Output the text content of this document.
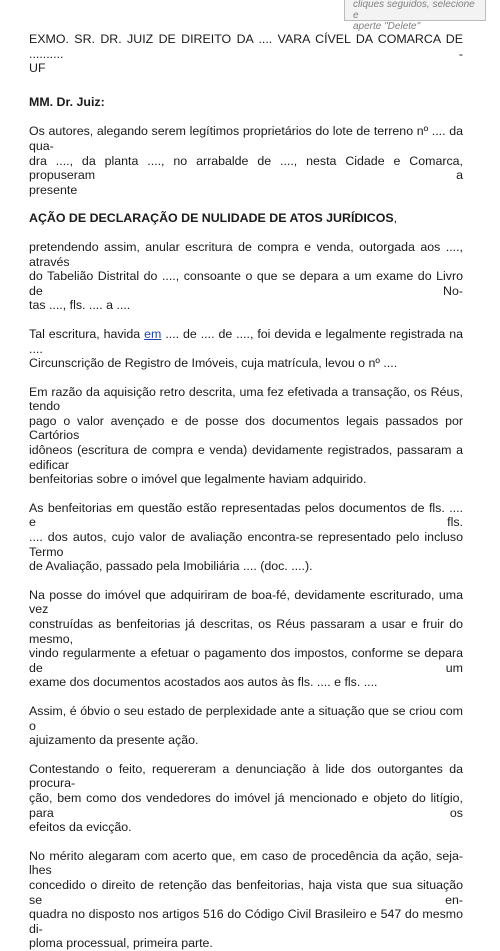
cliques seguidos, selecione e
aperte "Delete"

EXMO. SR. DR. JUIZ DE DIREITO DA .... VARA CÍVEL DA COMARCA DE .......... -
UF

MM. Dr. Juiz:

Os autores, alegando serem legítimos proprietários do lote de terreno nº .... da qua-
dra ...., da planta ...., no arrabalde de ...., nesta Cidade e Comarca, propuseram a
presente

AÇÃO DE DECLARAÇÃO DE NULIDADE DE ATOS JURÍDICOS,

pretendendo assim, anular escritura de compra e venda, outorgada aos ...., através
do Tabelião Distrital do ...., consoante o que se depara a um exame do Livro de No-
tas ...., fls. .... a ....

Tal escritura, havida em .... de .... de ...., foi devida e legalmente registrada na ....
Circunscrição de Registro de Imóveis, cuja matrícula, levou o nº ....

Em razão da aquisição retro descrita, uma fez efetivada a transação, os Réus, tendo
pago o valor avençado e de posse dos documentos legais passados por Cartórios
idôneos (escritura de compra e venda) devidamente registrados, passaram a edificar
benfeitorias sobre o imóvel que legalmente haviam adquirido.

As benfeitorias em questão estão representadas pelos documentos de fls. .... e fls.
.... dos autos, cujo valor de avaliação encontra-se representado pelo incluso Termo
de Avaliação, passado pela Imobiliária .... (doc. ....).

Na posse do imóvel que adquiriram de boa-fé, devidamente escriturado, uma vez
construídas as benfeitorias já descritas, os Réus passaram a usar e fruir do mesmo,
vindo regularmente a efetuar o pagamento dos impostos, conforme se depara de um
exame dos documentos acostados aos autos às fls. .... e fls. ....

Assim, é óbvio o seu estado de perplexidade ante a situação que se criou com o
ajuizamento da presente ação.

Contestando o feito, requereram a denunciação à lide dos outorgantes da procura-
ção, bem como dos vendedores do imóvel já mencionado e objeto do litígio, para os
efeitos da evicção.

No mérito alegaram com acerto que, em caso de procedência da ação, seja-lhes
concedido o direito de retenção das benfeitorias, haja vista que sua situação se en-
quadra no disposto nos artigos 516 do Código Civil Brasileiro e 547 do mesmo di-
ploma processual, primeira parte.
